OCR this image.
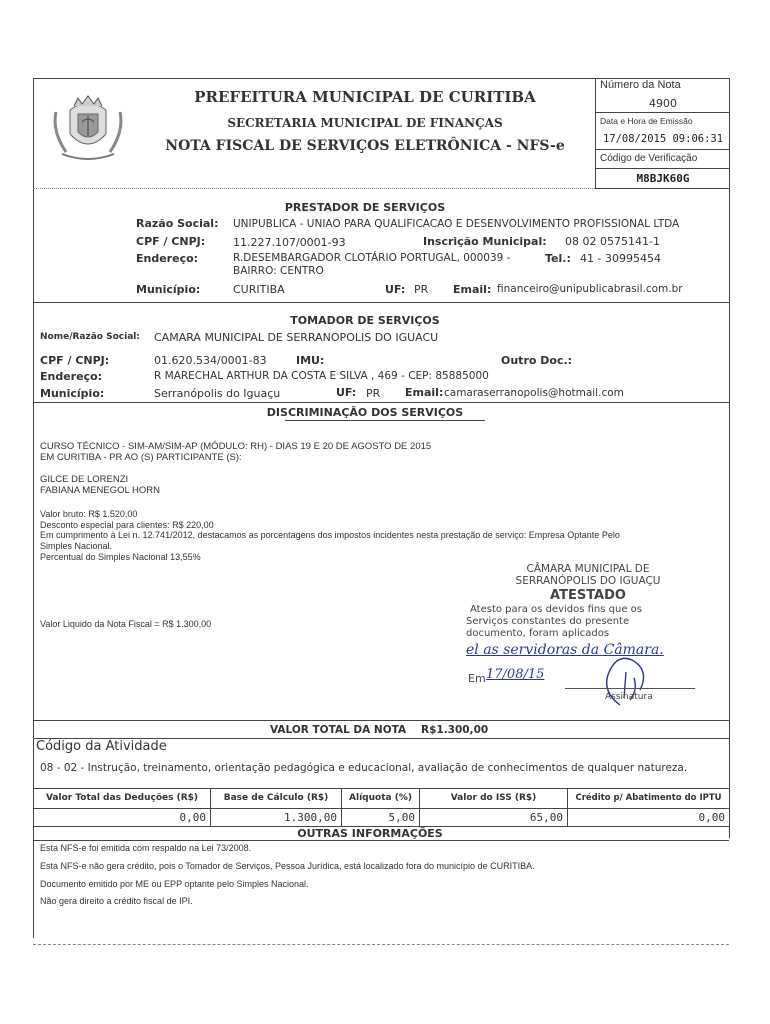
PREFEITURA MUNICIPAL DE CURITIBA
SECRETARIA MUNICIPAL DE FINANÇAS
NOTA FISCAL DE SERVIÇOS ELETRÔNICA - NFS-e
Número da Nota
4900
Data e Hora de Emissão
17/08/2015 09:06:31
Código de Verificação
M8BJK60G
PRESTADOR DE SERVIÇOS
Razão Social: UNIPUBLICA - UNIAO PARA QUALIFICACAO E DESENVOLVIMENTO PROFISSIONAL LTDA
CPF / CNPJ:	11.227.107/0001-93	Inscrição Municipal: 08 02 0575141-1
Endereço:	R.DESEMBARGADOR CLOTÁRIO PORTUGAL, 000039 -
BAIRRO: CENTRO
Tel.: 41 - 30995454
Município:	CURITIBA	UF: PR Email: financeiro@unipublicabrasil.com.br
TOMADOR DE SERVIÇOS
Nome/Razão Social: CAMARA MUNICIPAL DE SERRANOPOLIS DO IGUACU
CPF / CNPJ:	01.620.534/0001-83	IMU:	Outro Doc.:
Endereço:	R MARECHAL ARTHUR DA COSTA E SILVA , 469 - CEP: 85885000
Município:	Serranópolis do Iguaçu	UF: PR Email: camaraserranopolis@hotmail.com
DISCRIMINAÇÃO DOS SERVIÇOS
CURSO TÉCNICO - SIM-AM/SIM-AP (MÓDULO: RH) - DIAS 19 E 20 DE AGOSTO DE 2015
EM CURITIBA - PR AO (S) PARTICIPANTE (S):
GILCE DE LORENZI
FABIANA MENEGOL HORN
Valor bruto: R$ 1.520,00
Desconto especial para clientes: R$ 220,00
Em cumprimento à Lei n. 12.741/2012, destacamos as porcentagens dos impostos incidentes nesta prestação de serviço: Empresa Optante Pelo
Simples Nacional.
Percentual do Simples Nacional 13,55%
Valor Liquido da Nota Fiscal = R$ 1.300,00
CÂMARA MUNICIPAL DE
SERRANÓPOLIS DO IGUAÇU
ATESTADO
Atesto para os devidos fins que os
Serviços constantes do presente
documento, foram aplicados
el as servidoras da Câmara.
Em 17/08/15
Assinatura
VALOR TOTAL DA NOTA R$1.300,00
Código da Atividade
08 - 02 - Instrução, treinamento, orientação pedagógica e educacional, avaliação de conhecimentos de qualquer natureza.
Valor Total das Deduções (R$)	Base de Cálculo (R$)	Alíquota (%)	Valor do ISS (R$)	Crédito p/ Abatimento do IPTU
0,00	1.300,00	5,00	65,00	0,00
OUTRAS INFORMAÇÕES
Esta NFS-e foi emitida com respaldo na Lei 73/2008.
Esta NFS-e não gera crédito, pois o Tomador de Serviços, Pessoa Jurídica, está localizado fora do município de CURITIBA.
Documento emitido por ME ou EPP optante pelo Simples Nacional.
Não gera direito a crédito fiscal de IPI.
